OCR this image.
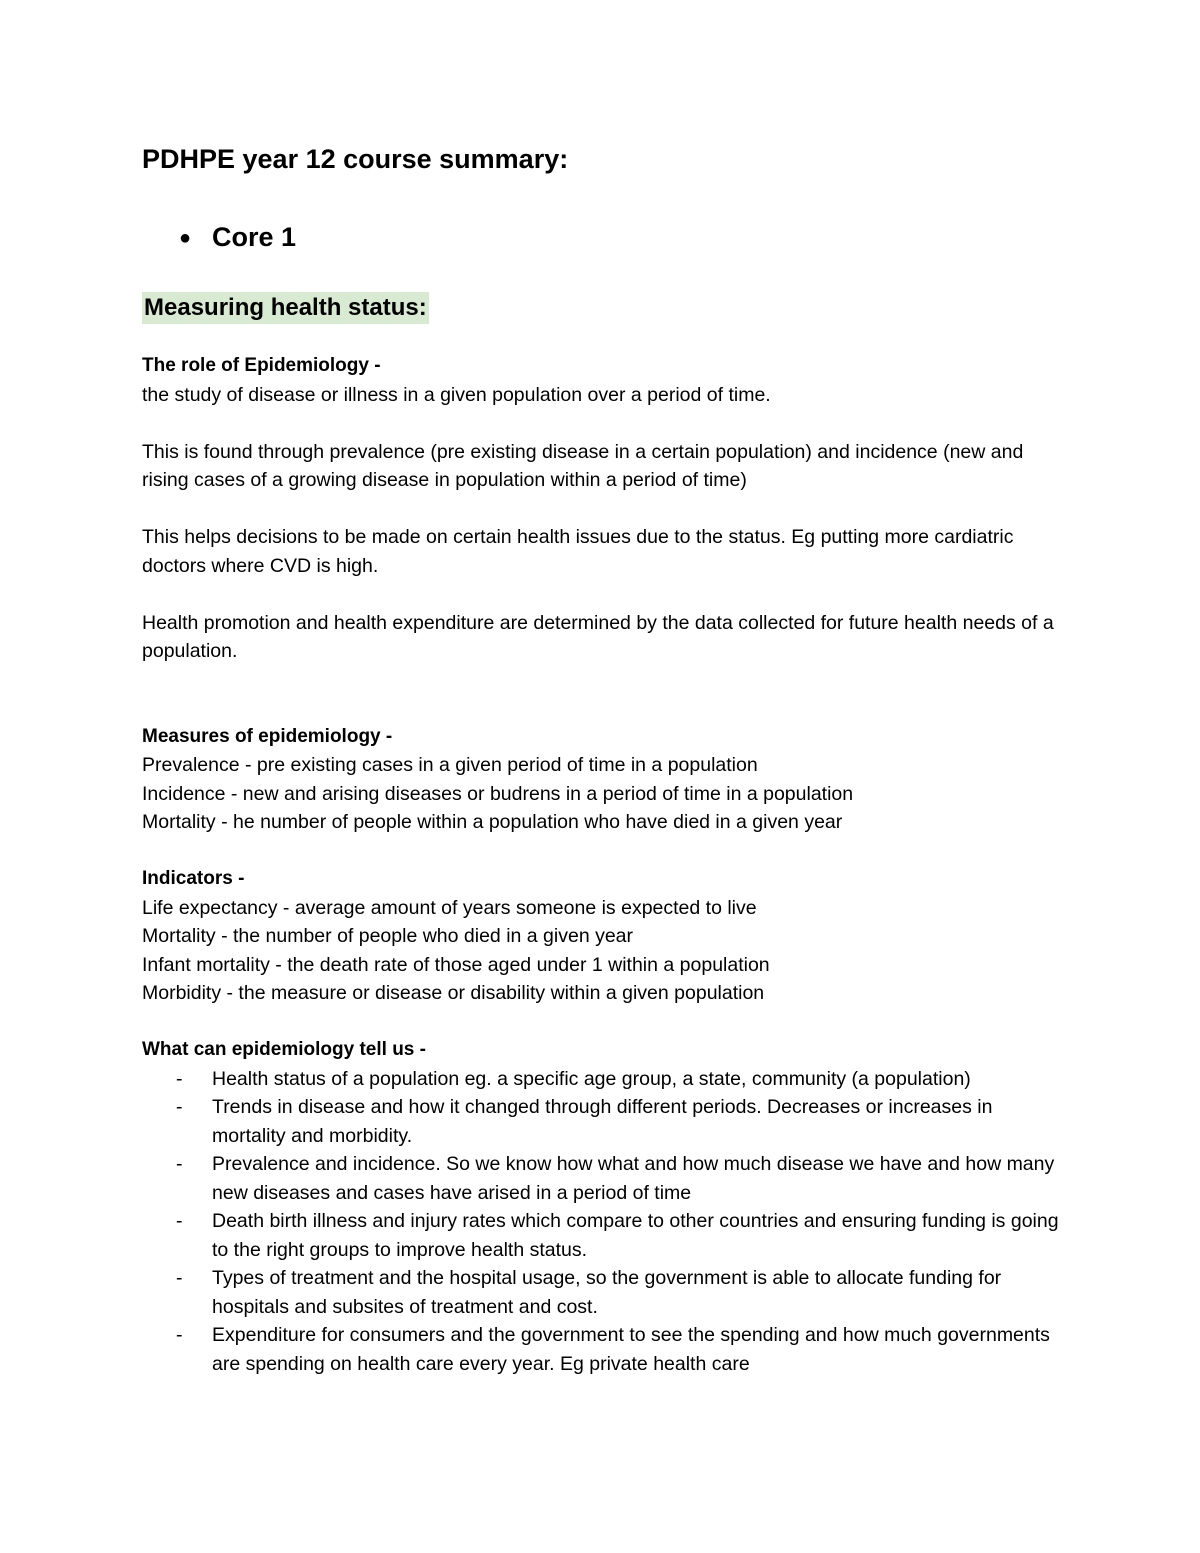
PDHPE year 12 course summary:
● Core 1
Measuring health status:

The role of Epidemiology -

the study of disease or illness in a given population over a period of time.

This is found through prevalence (pre existing disease in a certain population) and incidence (new and rising cases of a growing disease in population within a period of time)

This helps decisions to be made on certain health issues due to the status. Eg putting more cardiatric doctors where CVD is high.

Health promotion and health expenditure are determined by the data collected for future health needs of a population.

Measures of epidemiology -

Prevalence - pre existing cases in a given period of time in a population
Incidence - new and arising diseases or budrens in a period of time in a population
Mortality - he number of people within a population who have died in a given year

Indicators -

Life expectancy - average amount of years someone is expected to live
Mortality - the number of people who died in a given year
Infant mortality - the death rate of those aged under 1 within a population
Morbidity - the measure or disease or disability within a given population

What can epidemiology tell us -

- Health status of a population eg. a specific age group, a state, community (a population)
- Trends in disease and how it changed through different periods. Decreases or increases in mortality and morbidity.
- Prevalence and incidence. So we know how what and how much disease we have and how many new diseases and cases have arised in a period of time
- Death birth illness and injury rates which compare to other countries and ensuring funding is going to the right groups to improve health status.
- Types of treatment and the hospital usage, so the government is able to allocate funding for hospitals and subsites of treatment and cost.
- Expenditure for consumers and the government to see the spending and how much governments are spending on health care every year. Eg private health care
